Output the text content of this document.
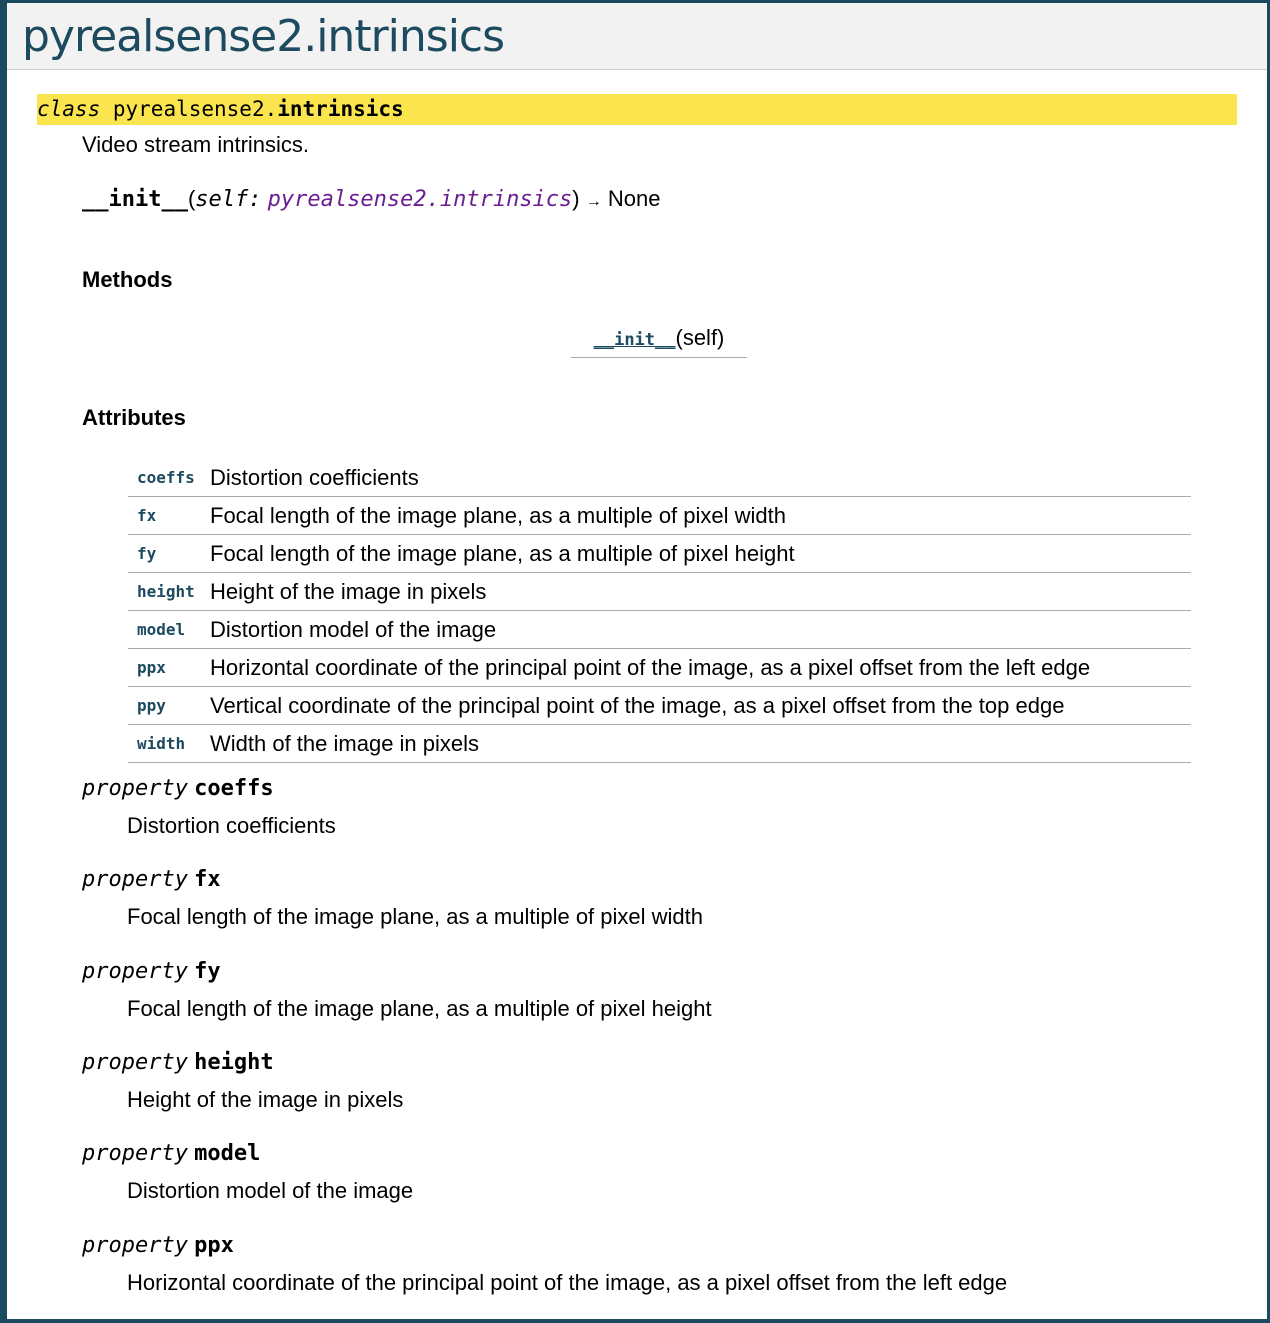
pyrealsense2.intrinsics
class pyrealsense2.intrinsics
Video stream intrinsics.
__init__(self: pyrealsense2.intrinsics) → None
Methods
__init__(self)
Attributes
coeffs	Distortion coefficients
fx	Focal length of the image plane, as a multiple of pixel width
fy	Focal length of the image plane, as a multiple of pixel height
height	Height of the image in pixels
model	Distortion model of the image
ppx	Horizontal coordinate of the principal point of the image, as a pixel offset from the left edge
ppy	Vertical coordinate of the principal point of the image, as a pixel offset from the top edge
width	Width of the image in pixels
property coeffs
Distortion coefficients
property fx
Focal length of the image plane, as a multiple of pixel width
property fy
Focal length of the image plane, as a multiple of pixel height
property height
Height of the image in pixels
property model
Distortion model of the image
property ppx
Horizontal coordinate of the principal point of the image, as a pixel offset from the left edge
